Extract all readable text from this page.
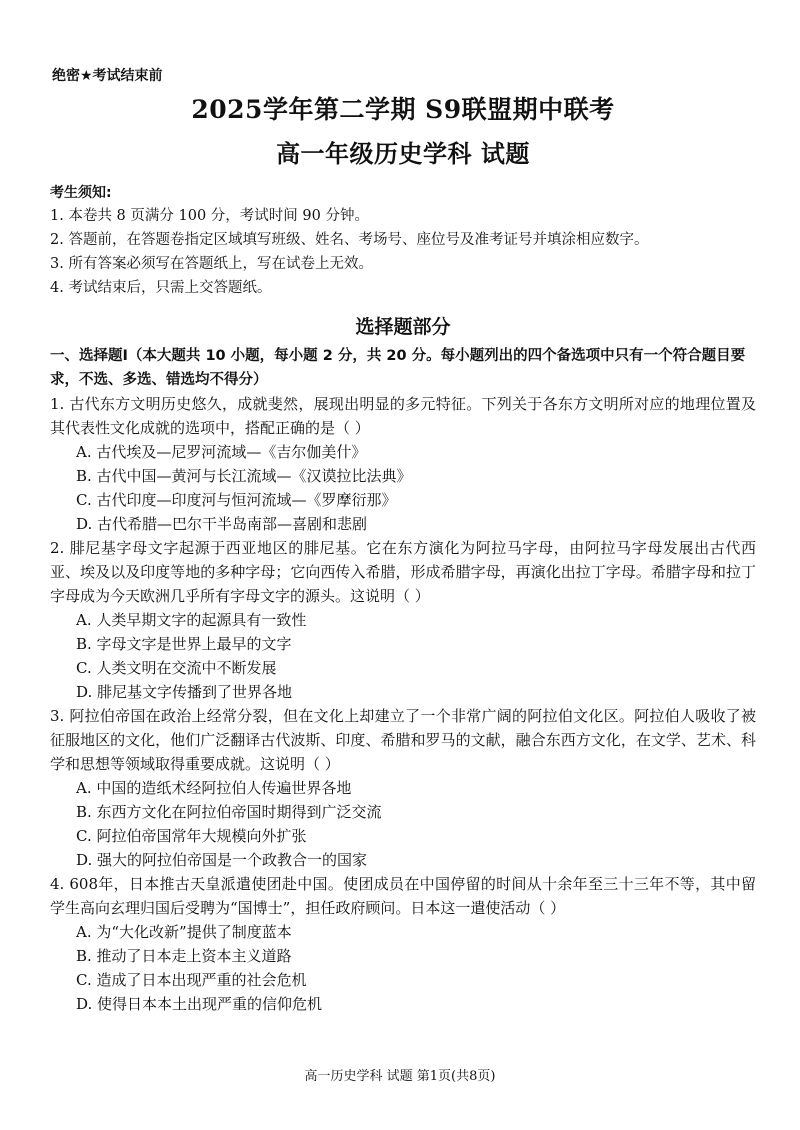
绝密★考试结束前
2025学年第二学期 S9联盟期中联考
高一年级历史学科 试题
考生须知:
1. 本卷共 8 页满分 100 分，考试时间 90 分钟。
2. 答题前，在答题卷指定区域填写班级、姓名、考场号、座位号及准考证号并填涂相应数字。
3. 所有答案必须写在答题纸上，写在试卷上无效。
4. 考试结束后，只需上交答题纸。
选择题部分
一、选择题Ⅰ（本大题共 10 小题，每小题 2 分，共 20 分。每小题列出的四个备选项中只有一个符合题目要求，不选、多选、错选均不得分）
1. 古代东方文明历史悠久，成就斐然，展现出明显的多元特征。下列关于各东方文明所对应的地理位置及其代表性文化成就的选项中，搭配正确的是（ ）
A. 古代埃及—尼罗河流域—《吉尔伽美什》
B. 古代中国—黄河与长江流域—《汉谟拉比法典》
C. 古代印度—印度河与恒河流域—《罗摩衍那》
D. 古代希腊—巴尔干半岛南部—喜剧和悲剧
2. 腓尼基字母文字起源于西亚地区的腓尼基。它在东方演化为阿拉马字母，由阿拉马字母发展出古代西亚、埃及以及印度等地的多种字母；它向西传入希腊，形成希腊字母，再演化出拉丁字母。希腊字母和拉丁字母成为今天欧洲几乎所有字母文字的源头。这说明（ ）
A. 人类早期文字的起源具有一致性
B. 字母文字是世界上最早的文字
C. 人类文明在交流中不断发展
D. 腓尼基文字传播到了世界各地
3. 阿拉伯帝国在政治上经常分裂，但在文化上却建立了一个非常广阔的阿拉伯文化区。阿拉伯人吸收了被征服地区的文化，他们广泛翻译古代波斯、印度、希腊和罗马的文献，融合东西方文化，在文学、艺术、科学和思想等领域取得重要成就。这说明（ ）
A. 中国的造纸术经阿拉伯人传遍世界各地
B. 东西方文化在阿拉伯帝国时期得到广泛交流
C. 阿拉伯帝国常年大规模向外扩张
D. 强大的阿拉伯帝国是一个政教合一的国家
4. 608年，日本推古天皇派遣使团赴中国。使团成员在中国停留的时间从十余年至三十三年不等，其中留学生高向玄理归国后受聘为“国博士”，担任政府顾问。日本这一遣使活动（ ）
A. 为“大化改新”提供了制度蓝本
B. 推动了日本走上资本主义道路
C. 造成了日本出现严重的社会危机
D. 使得日本本土出现严重的信仰危机
高一历史学科 试题 第1页(共8页)
